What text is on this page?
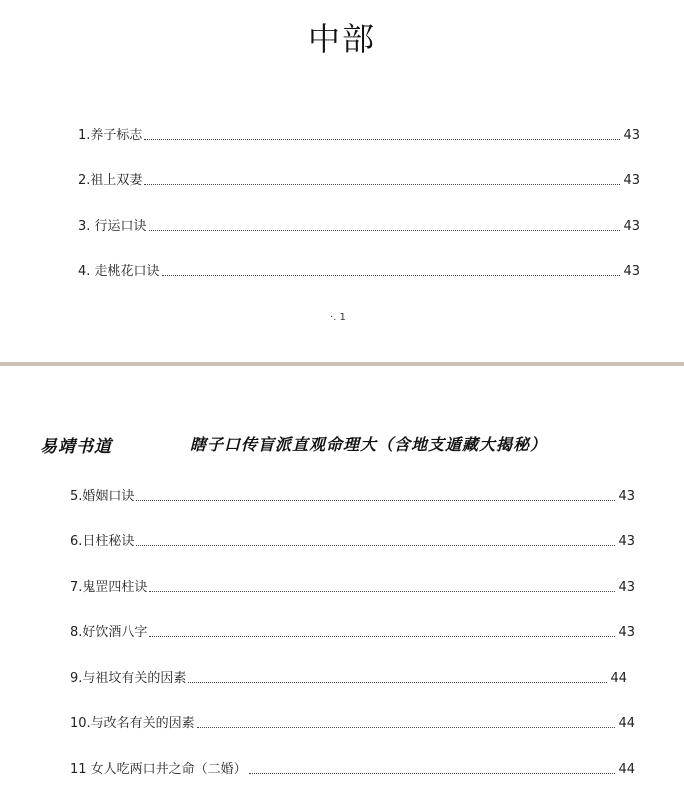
中部
1.养子标志	43
2.祖上双妻	43
3. 行运口诀	43
4. 走桃花口诀	43
·. 1
易靖书道	瞎子口传盲派直观命理大（含地支遁藏大揭秘）
5.婚姻口诀	43
6.日柱秘诀	43
7.鬼罡四柱诀	43
8.好饮酒八字	43
9.与祖坟有关的因素	44
10.与改名有关的因素	44
11 女人吃两口井之命（二婚）	44
